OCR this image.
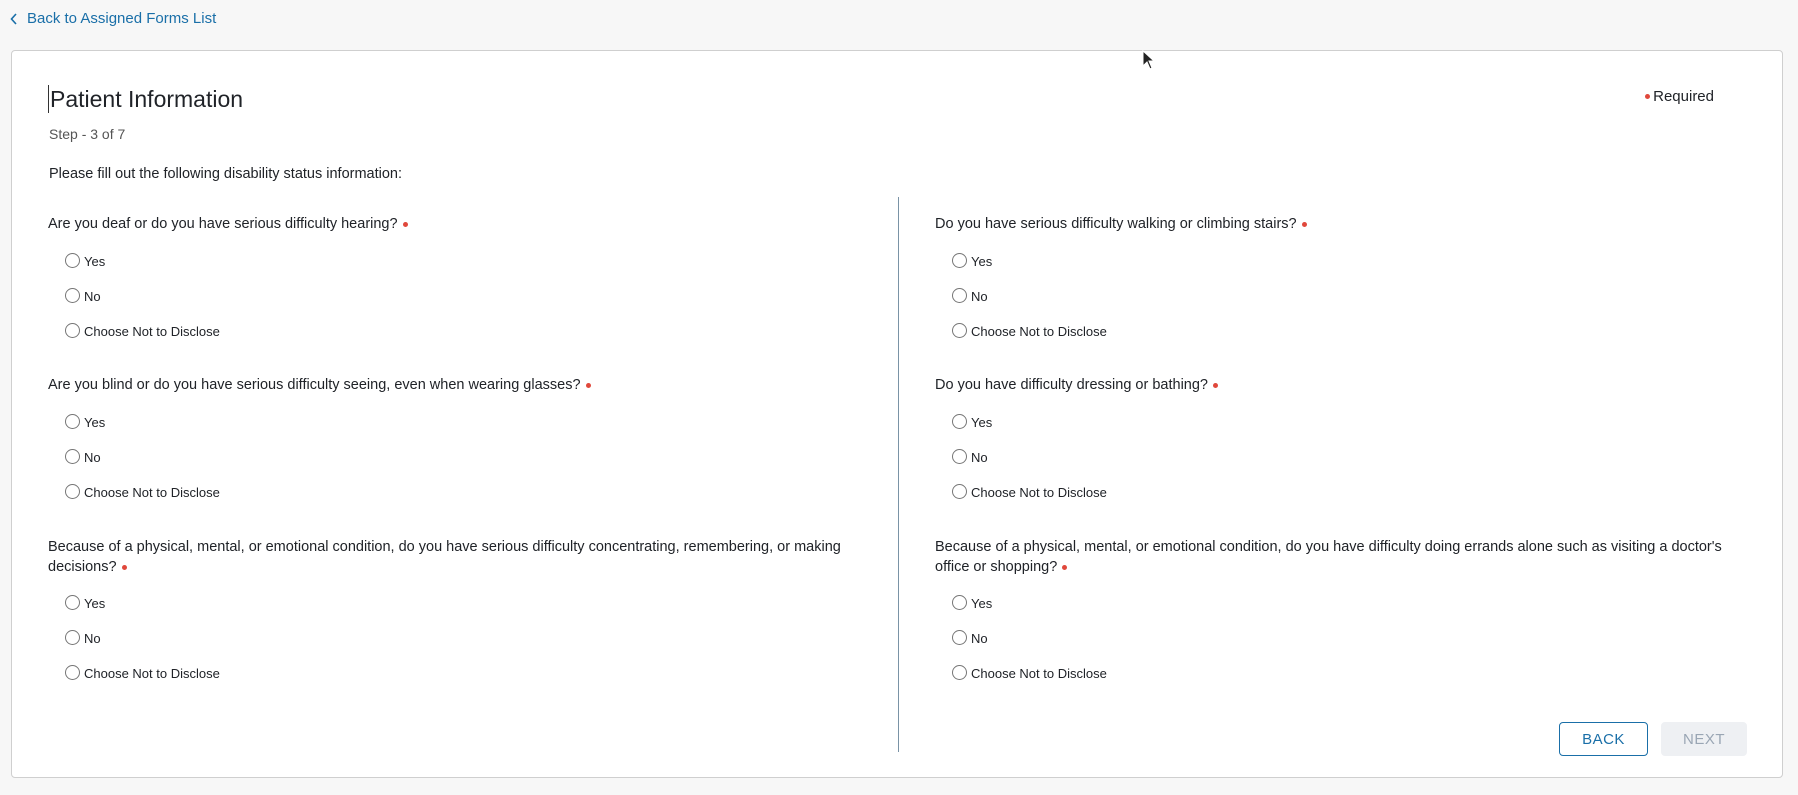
Back to Assigned Forms List
Patient Information	Required
Step - 3 of 7
Please fill out the following disability status information:
Are you deaf or do you have serious difficulty hearing?
Yes
No
Choose Not to Disclose
Do you have serious difficulty walking or climbing stairs?
Yes
No
Choose Not to Disclose
Are you blind or do you have serious difficulty seeing, even when wearing glasses?
Yes
No
Choose Not to Disclose
Do you have difficulty dressing or bathing?
Yes
No
Choose Not to Disclose
Because of a physical, mental, or emotional condition, do you have serious difficulty concentrating, remembering, or making decisions?
Yes
No
Choose Not to Disclose
Because of a physical, mental, or emotional condition, do you have difficulty doing errands alone such as visiting a doctor's office or shopping?
Yes
No
Choose Not to Disclose
BACK	NEXT
